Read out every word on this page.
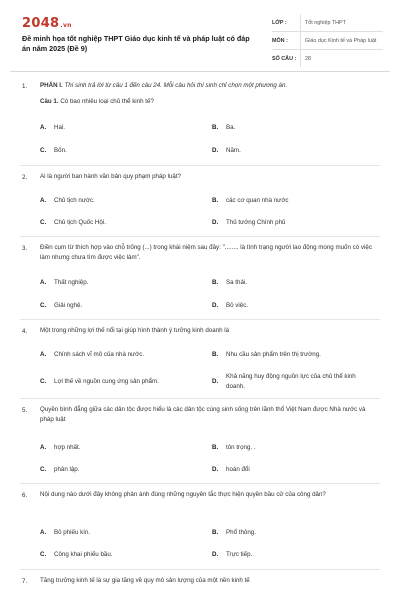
2048.vn
Đề minh họa tốt nghiệp THPT Giáo dục kinh tế và pháp luật có đáp án năm 2025 (Đề 9)
LỚP :	Tốt nghiệp THPT
MÔN :	Giáo dục Kinh tế và Pháp luật
SỐ CÂU :	28
1. PHẦN I. Thí sinh trả lời từ câu 1 đến câu 24. Mỗi câu hỏi thí sinh chỉ chọn một phương án.
Câu 1. Có bao nhiêu loại chủ thể kinh tế?
A.	Hai.	B.	Ba.
C.	Bốn.	D.	Năm.
2. Ai là người ban hành văn bản quy phạm pháp luật?
A.	Chủ tịch nước.	B.	các cơ quan nhà nước
C.	Chủ tịch Quốc Hội.	D.	Thủ tướng Chính phủ
3. Điền cụm từ thích hợp vào chỗ trống (...) trong khái niệm sau đây: "........ là tình trạng người lao động mong muốn có việc làm nhưng chưa tìm được việc làm".
A.	Thất nghiệp.	B.	Sa thải.
C.	Giải nghệ.	D.	Bỏ việc.
4. Một trong những lợi thế nổi tại giúp hình thành ý tưởng kinh doanh là
A.	Chính sách vĩ mô của nhà nước.	B.	Nhu cầu sản phẩm trên thị trường.
C.	Lợi thế về nguồn cung ứng sản phẩm.	D.
Khả năng huy động nguồn lực của chủ thể kinh doanh.
5. Quyền bình đẳng giữa các dân tộc được hiểu là các dân tộc cùng sinh sống trên lãnh thổ Việt Nam được Nhà nước và pháp luật
A.	hợp nhất.	B.	tôn trọng. .
C.	phân lập.	D.	hoán đổi
6. Nội dung nào dưới đây không phản ánh đúng những nguyên tắc thực hiện quyền bầu cử của công dân?
A.	Bỏ phiếu kín.	B.	Phổ thông.
C.	Công khai phiếu bầu.	D.	Trực tiếp.
7. Tăng trưởng kinh tế là sự gia tăng về quy mô sản lượng của một nền kinh tế
